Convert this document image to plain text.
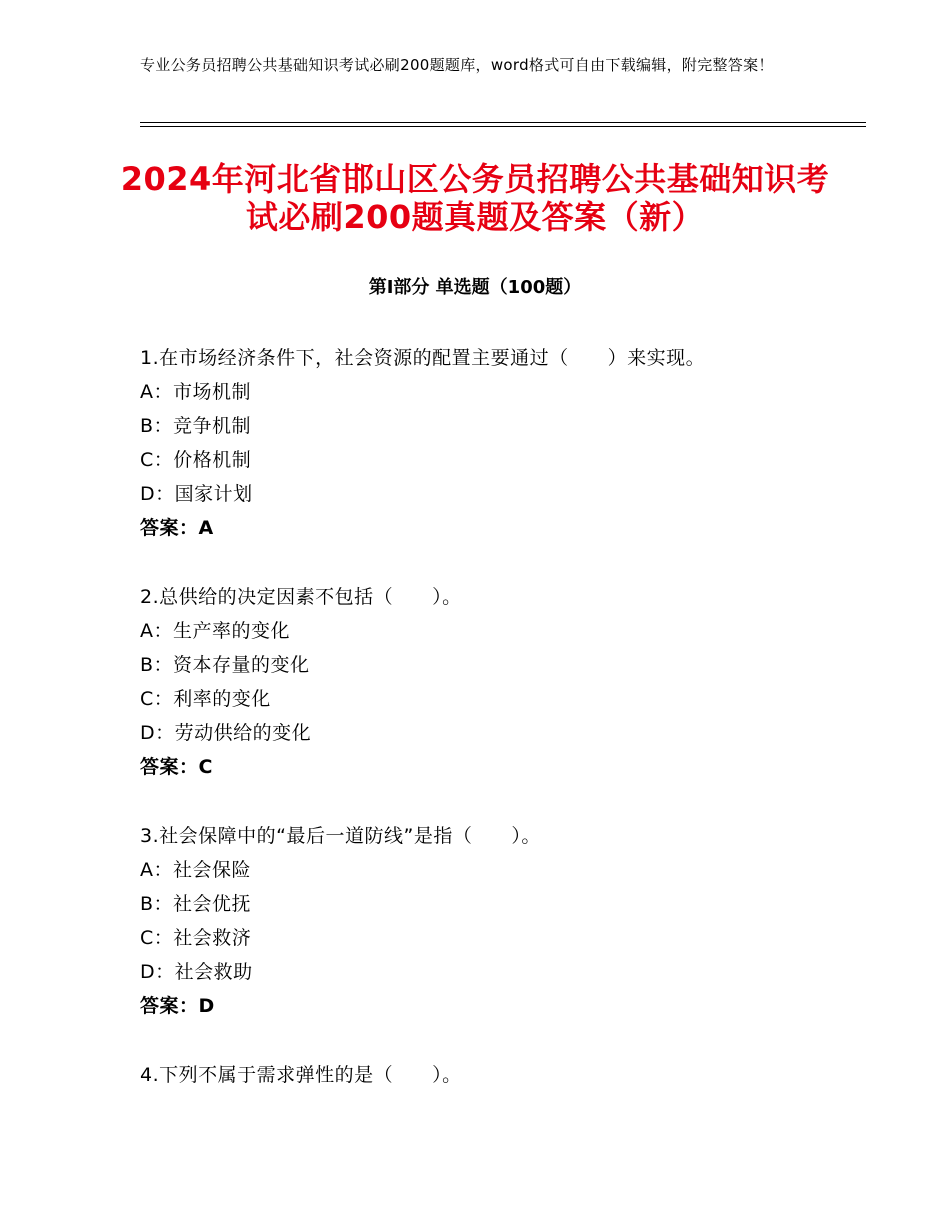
专业公务员招聘公共基础知识考试必刷200题题库，word格式可自由下载编辑，附完整答案！
2024年河北省邯山区公务员招聘公共基础知识考试必刷200题真题及答案（新）
第Ⅰ部分 单选题（100题）
1.在市场经济条件下，社会资源的配置主要通过（　　）来实现。
A：市场机制
B：竞争机制
C：价格机制
D：国家计划
答案：A
2.总供给的决定因素不包括（　　）。
A：生产率的变化
B：资本存量的变化
C：利率的变化
D：劳动供给的变化
答案：C
3.社会保障中的“最后一道防线”是指（　　）。
A：社会保险
B：社会优抚
C：社会救济
D：社会救助
答案：D
4.下列不属于需求弹性的是（　　）。
